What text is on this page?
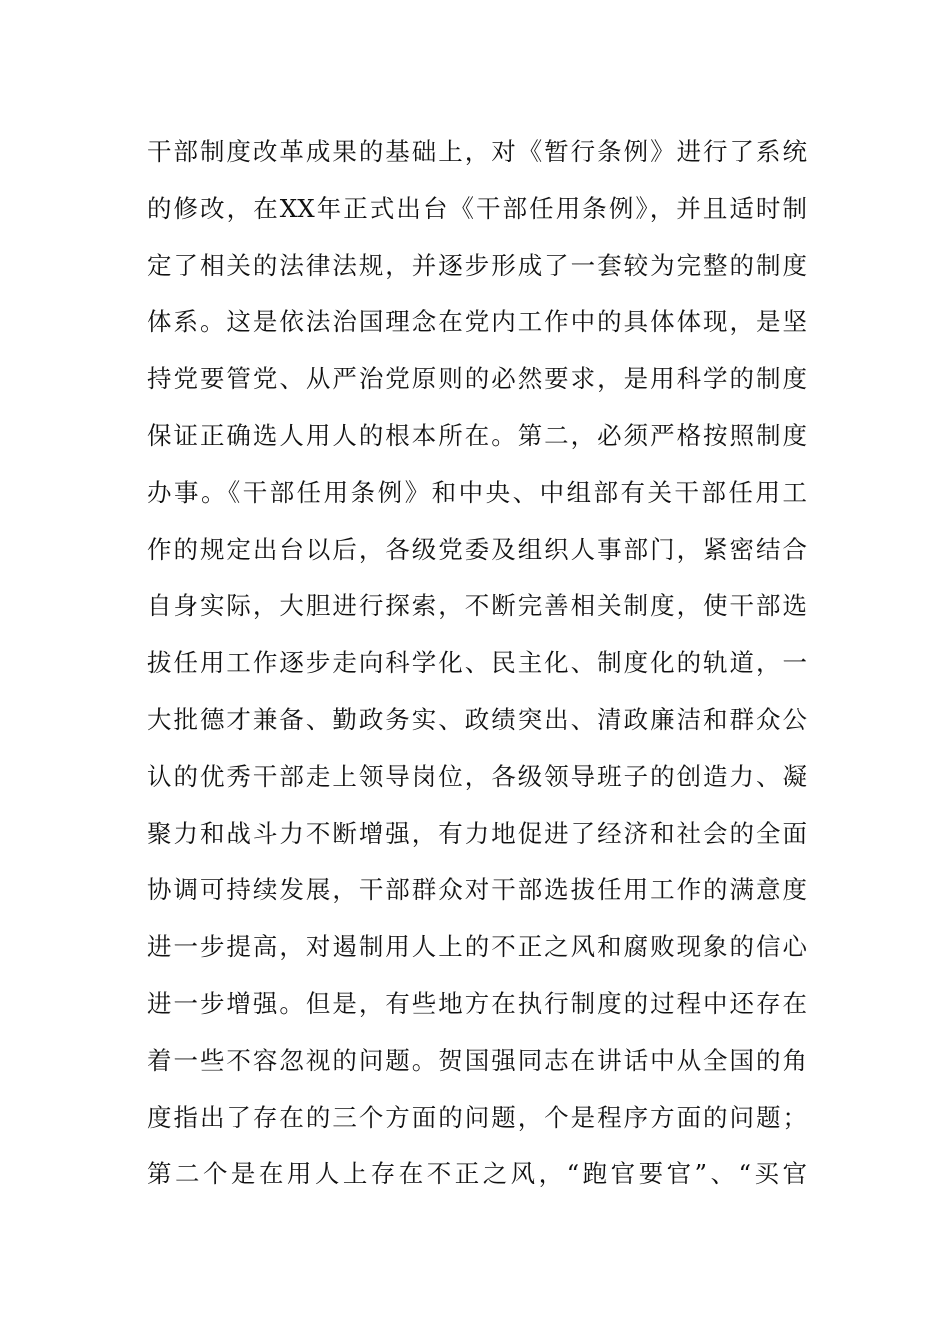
干部制度改革成果的基础上，对《暂行条例》进行了系统
的修改，在XX年正式出台《干部任用条例》，并且适时制
定了相关的法律法规，并逐步形成了一套较为完整的制度
体系。这是依法治国理念在党内工作中的具体体现，是坚
持党要管党、从严治党原则的必然要求，是用科学的制度
保证正确选人用人的根本所在。第二，必须严格按照制度
办事。《干部任用条例》和中央、中组部有关干部任用工
作的规定出台以后，各级党委及组织人事部门，紧密结合
自身实际，大胆进行探索，不断完善相关制度，使干部选
拔任用工作逐步走向科学化、民主化、制度化的轨道，一
大批德才兼备、勤政务实、政绩突出、清政廉洁和群众公
认的优秀干部走上领导岗位，各级领导班子的创造力、凝
聚力和战斗力不断增强，有力地促进了经济和社会的全面
协调可持续发展，干部群众对干部选拔任用工作的满意度
进一步提高，对遏制用人上的不正之风和腐败现象的信心
进一步增强。但是，有些地方在执行制度的过程中还存在
着一些不容忽视的问题。贺国强同志在讲话中从全国的角
度指出了存在的三个方面的问题，个是程序方面的问题；
第二个是在用人上存在不正之风，“跑官要官”、“买官
